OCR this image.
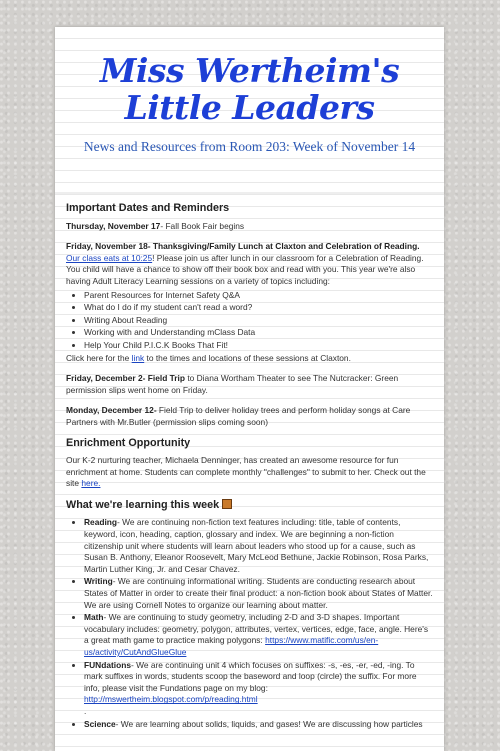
Miss Wertheim's
Little Leaders
News and Resources from Room 203: Week of November 14
Important Dates and Reminders

Thursday, November 17- Fall Book Fair begins

Friday, November 18- Thanksgiving/Family Lunch at Claxton and Celebration of Reading. Our class eats at 10:25! Please join us after lunch in our classroom for a Celebration of Reading. You child will have a chance to show off their book box and read with you. This year we're also having Adult Literacy Learning sessions on a variety of topics including:

• Parent Resources for Internet Safety Q&A
• What do I do if my student can't read a word?
• Writing About Reading
• Working with and Understanding mClass Data
• Help Your Child P.I.C.K Books That Fit!

Click here for the link to the times and locations of these sessions at Claxton.

Friday, December 2- Field Trip to Diana Wortham Theater to see The Nutcracker: Green permission slips went home on Friday.

Monday, December 12- Field Trip to deliver holiday trees and perform holiday songs at Care Partners with Mr.Butler (permission slips coming soon)

Enrichment Opportunity

Our K-2 nurturing teacher, Michaela Denninger, has created an awesome resource for fun enrichment at home. Students can complete monthly "challenges" to submit to her. Check out the site here.

What we're learning this week
• Reading- We are continuing non-fiction text features including: title, table of contents, keyword, icon, heading, caption, glossary and index. We are beginning a non-fiction citizenship unit where students will learn about leaders who stood up for a cause, such as Susan B. Anthony, Eleanor Roosevelt, Mary McLeod Bethune, Jackie Robinson, Rosa Parks, Martin Luther King, Jr. and Cesar Chavez.
• Writing- We are continuing informational writing. Students are conducting research about States of Matter in order to create their final product: a non-fiction book about States of Matter. We are using Cornell Notes to organize our learning about matter.
• Math- We are continuing to study geometry, including 2-D and 3-D shapes. Important vocabulary includes: geometry, polygon, attributes, vertex, vertices, edge, face, angle. Here's a great math game to practice making polygons: https://www.matific.com/us/en-us/activity/CutAndGlueGlue
• FUNdations- We are continuing unit 4 which focuses on suffixes: -s, -es, -er, -ed, -ing. To mark suffixes in words, students scoop the baseword and loop (circle) the suffix. For more info, please visit the Fundations page on my blog: http://mswertheim.blogspot.com/p/reading.html
.
• Science- We are learning about solids, liquids, and gases! We are discussing how particles
